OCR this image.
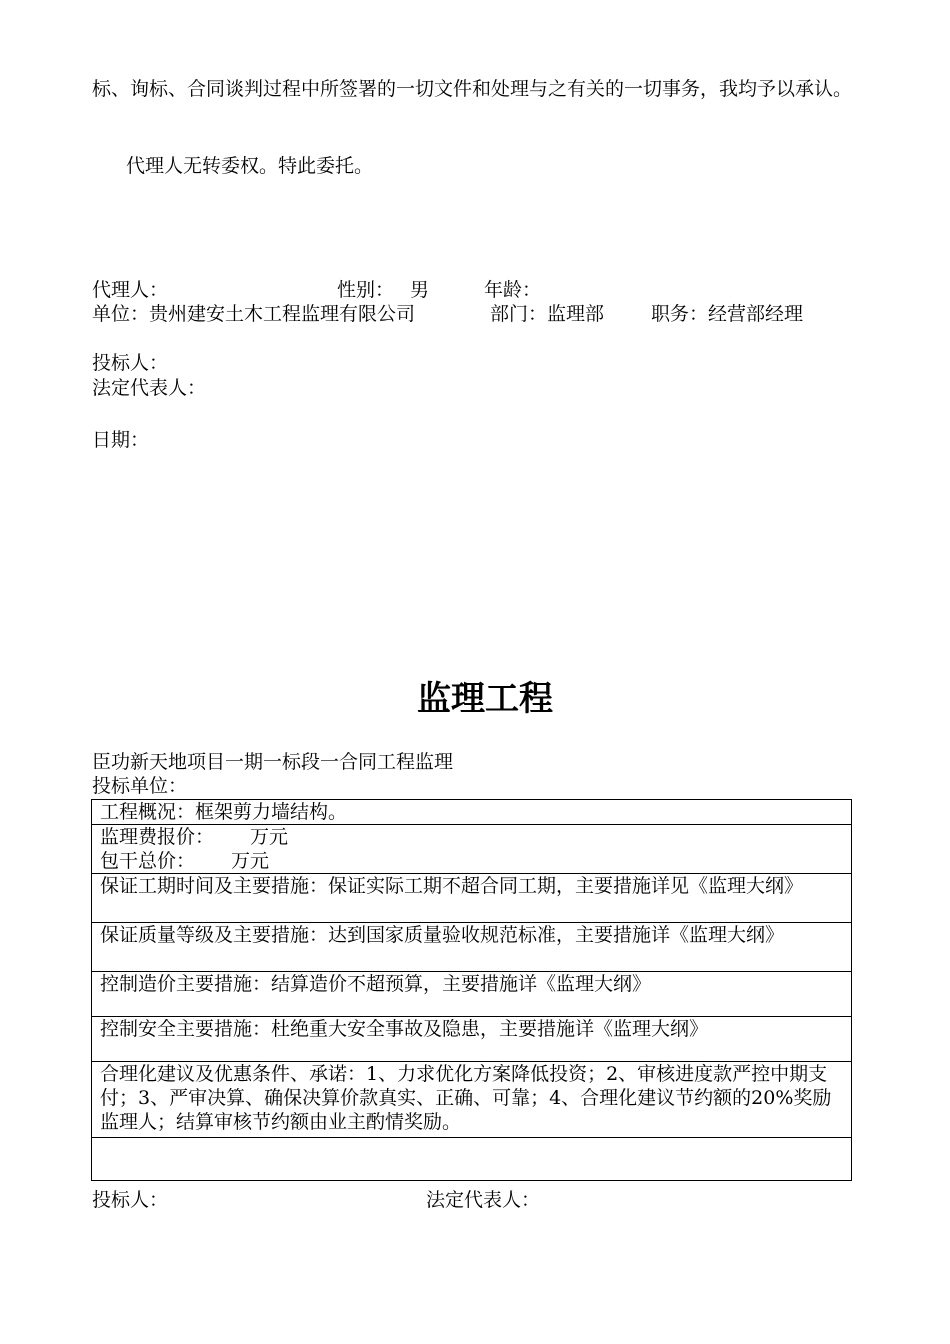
标、询标、合同谈判过程中所签署的一切文件和处理与之有关的一切事务，我均予以承认。
代理人无转委权。特此委托。
代理人：	性别： 男	年龄：
单位：贵州建安土木工程监理有限公司	部门：监理部 职务：经营部经理
投标人：
法定代表人：
日期：
监理工程
臣功新天地项目一期一标段一合同工程监理
投标单位：
工程概况：框架剪力墙结构。

监理费报价： 万元
包干总价： 万元

保证工期时间及主要措施：保证实际工期不超合同工期，主要措施详见《监理大纲》
保证质量等级及主要措施：达到国家质量验收规范标准，主要措施详《监理大纲》
控制造价主要措施：结算造价不超预算，主要措施详《监理大纲》
控制安全主要措施：杜绝重大安全事故及隐患，主要措施详《监理大纲》
合理化建议及优惠条件、承诺：1、力求优化方案降低投资；2、审核进度款严控中期支付；3、严审决算、确保决算价款真实、正确、可靠；4、合理化建议节约额的20%奖励监理人；结算审核节约额由业主酌情奖励。

投标人：	法定代表人：
